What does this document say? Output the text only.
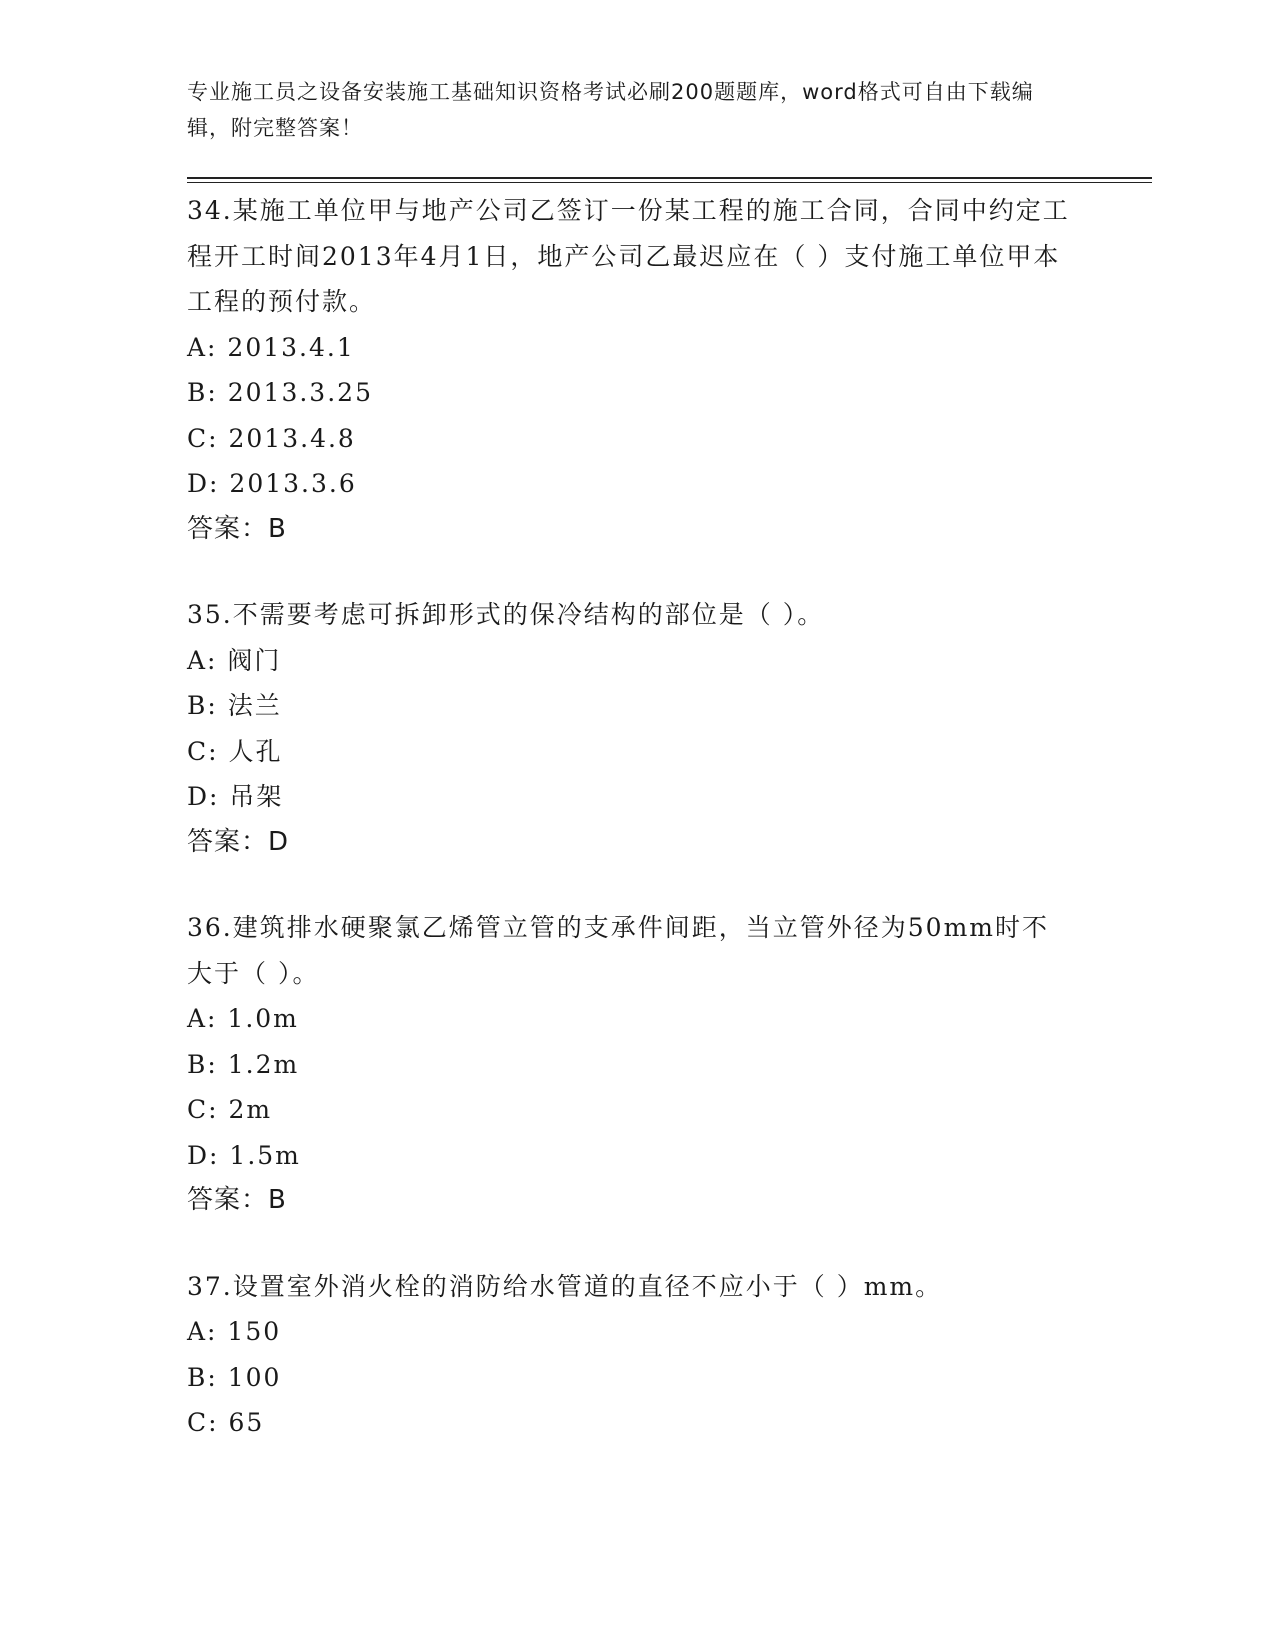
专业施工员之设备安装施工基础知识资格考试必刷200题题库，word格式可自由下载编辑，附完整答案！
34.某施工单位甲与地产公司乙签订一份某工程的施工合同，合同中约定工程开工时间2013年4月1日，地产公司乙最迟应在（ ）支付施工单位甲本工程的预付款。
A: 2013.4.1
B: 2013.3.25
C: 2013.4.8
D: 2013.3.6
答案：B
35.不需要考虑可拆卸形式的保冷结构的部位是（ ）。
A: 阀门
B: 法兰
C: 人孔
D: 吊架
答案：D
36.建筑排水硬聚氯乙烯管立管的支承件间距，当立管外径为50mm时不大于（ ）。
A: 1.0m
B: 1.2m
C: 2m
D: 1.5m
答案：B
37.设置室外消火栓的消防给水管道的直径不应小于（ ）mm。
A: 150
B: 100
C: 65
